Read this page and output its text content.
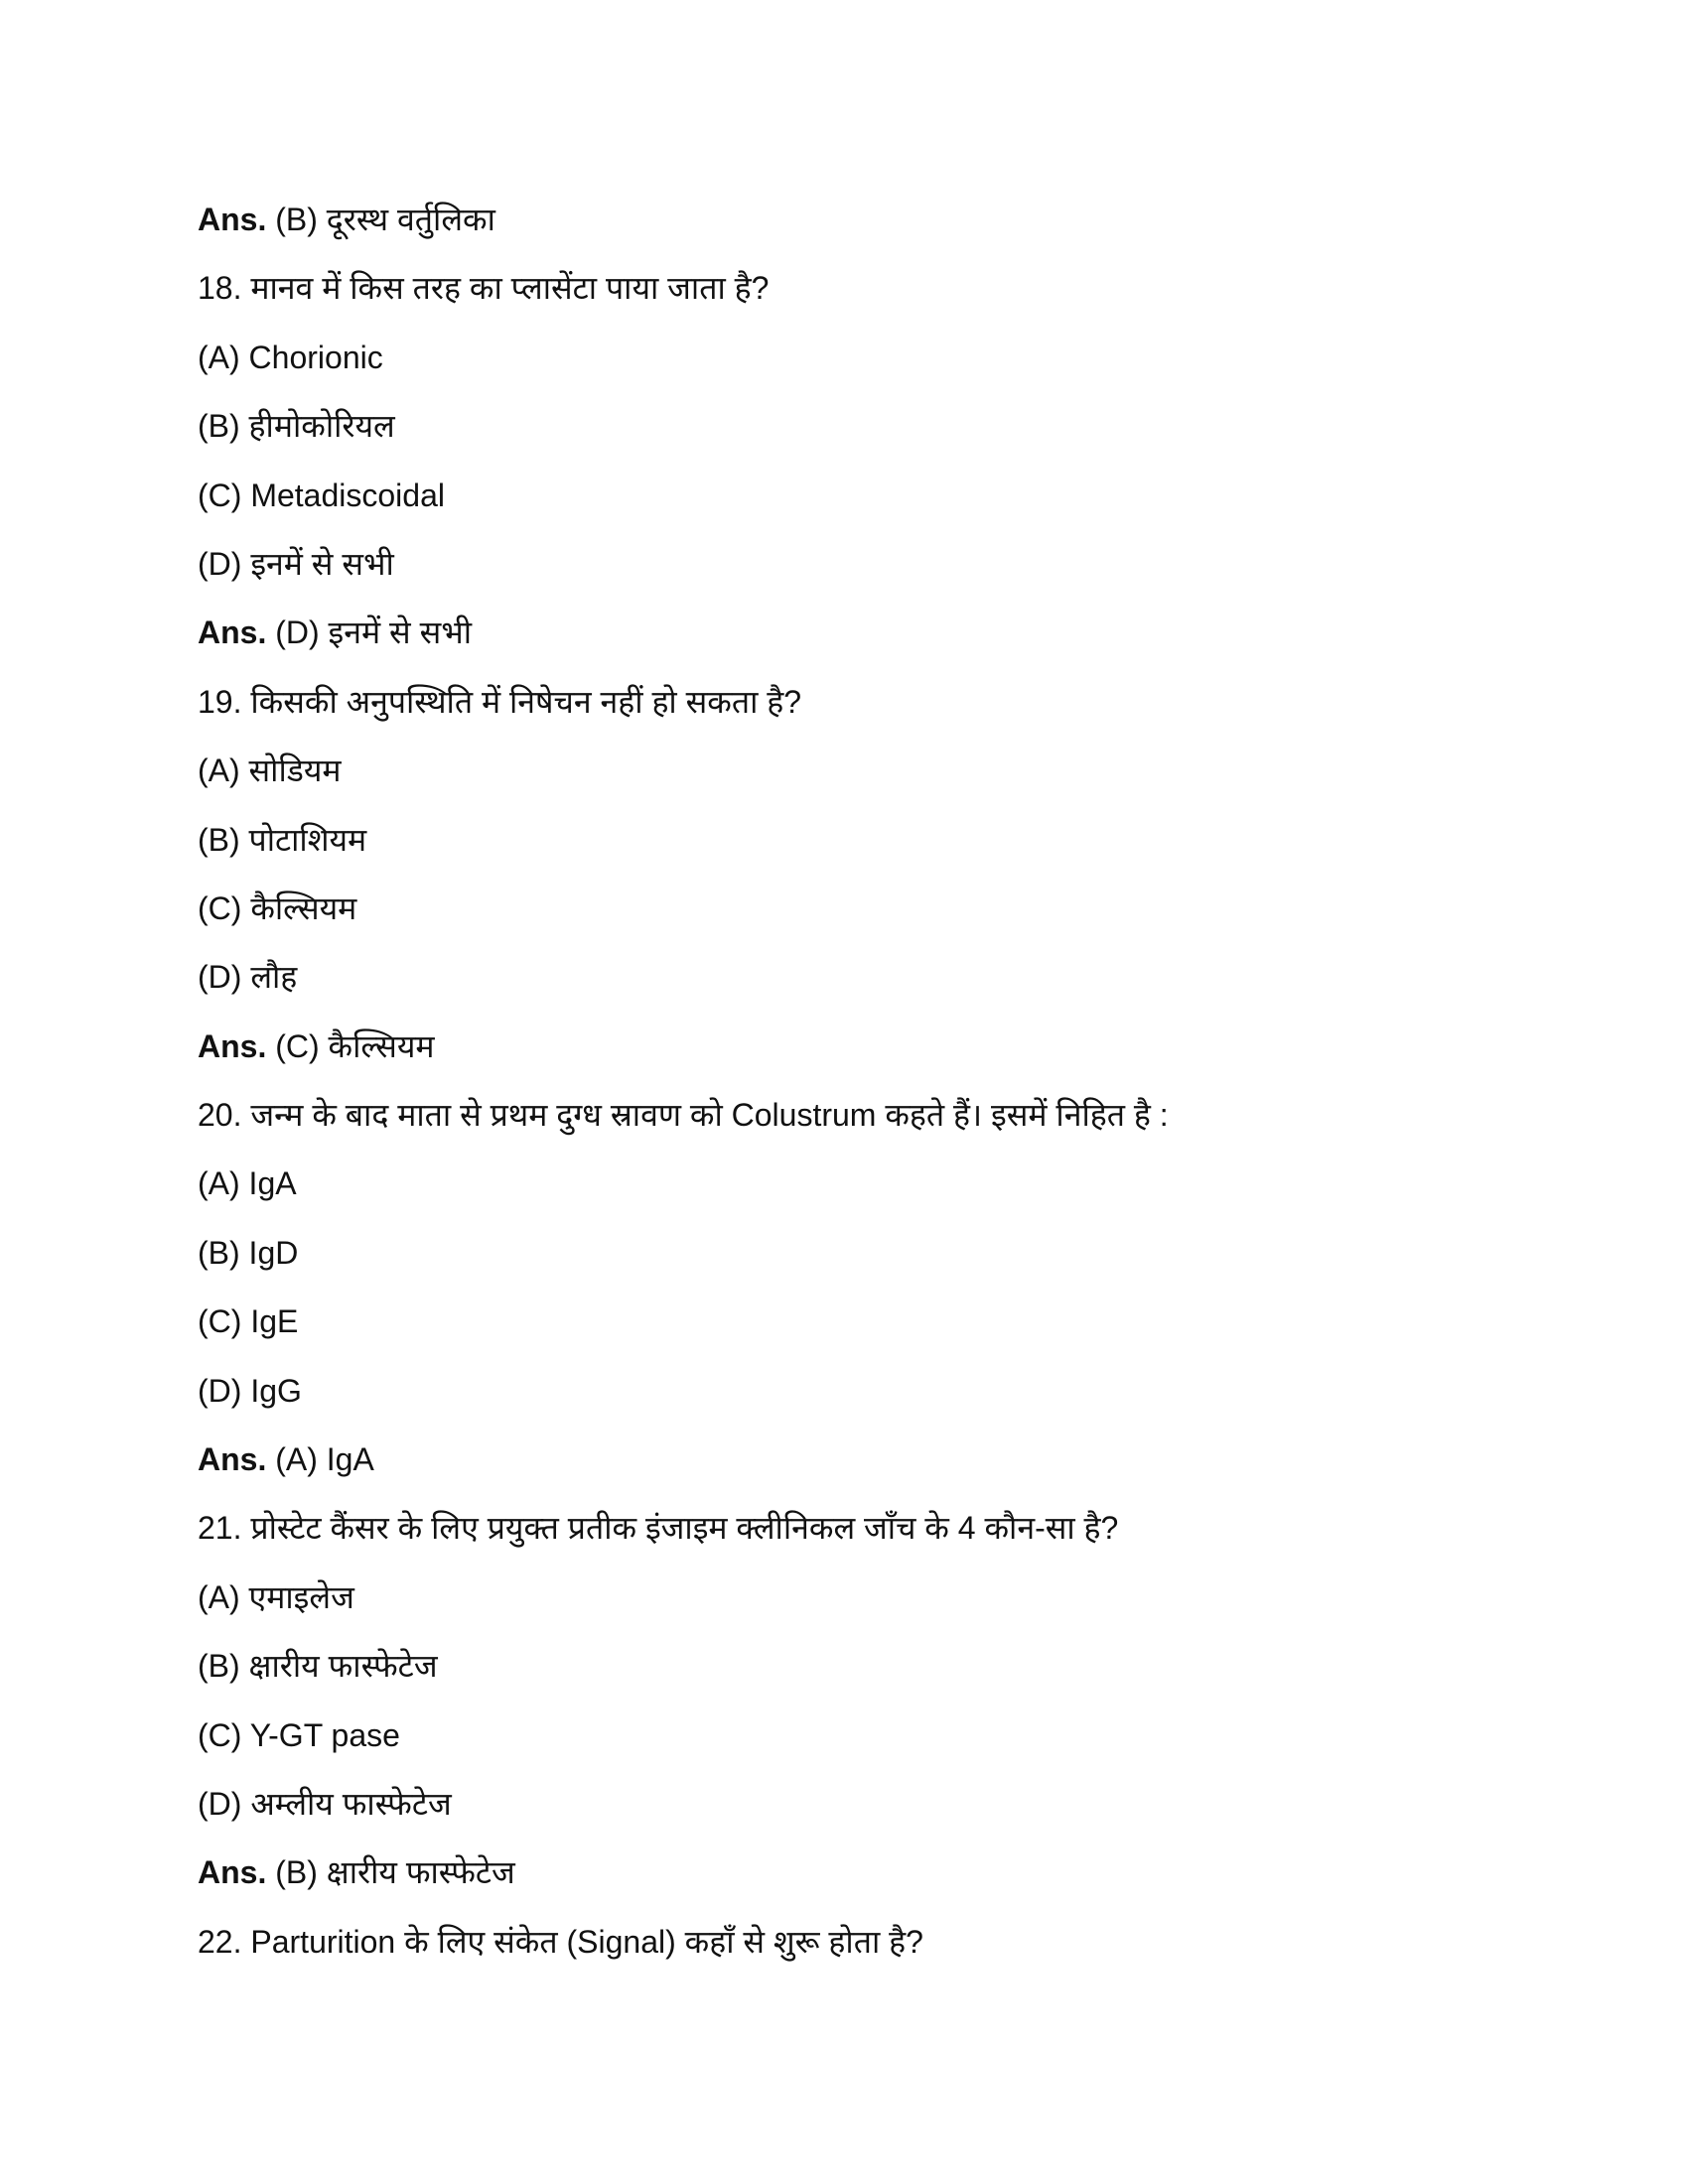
Ans. (B) दूरस्थ वर्तुलिका
18. मानव में किस तरह का प्लासेंटा पाया जाता है?
(A) Chorionic
(B) हीमोकोरियल
(C) Metadiscoidal
(D) इनमें से सभी
Ans. (D) इनमें से सभी
19. किसकी अनुपस्थिति में निषेचन नहीं हो सकता है?
(A) सोडियम
(B) पोटाशियम
(C) कैल्सियम
(D) लौह
Ans. (C) कैल्सियम
20. जन्म के बाद माता से प्रथम दुग्ध स्रावण को Colustrum कहते हैं। इसमें निहित है :
(A) IgA
(B) IgD
(C) IgE
(D) IgG
Ans. (A) IgA
21. प्रोस्टेट कैंसर के लिए प्रयुक्त प्रतीक इंजाइम क्लीनिकल जाँच के 4 कौन-सा है?
(A) एमाइलेज
(B) क्षारीय फास्फेटेज
(C) Y-GT pase
(D) अम्लीय फास्फेटेज
Ans. (B) क्षारीय फास्फेटेज
22. Parturition के लिए संकेत (Signal) कहाँ से शुरू होता है?
